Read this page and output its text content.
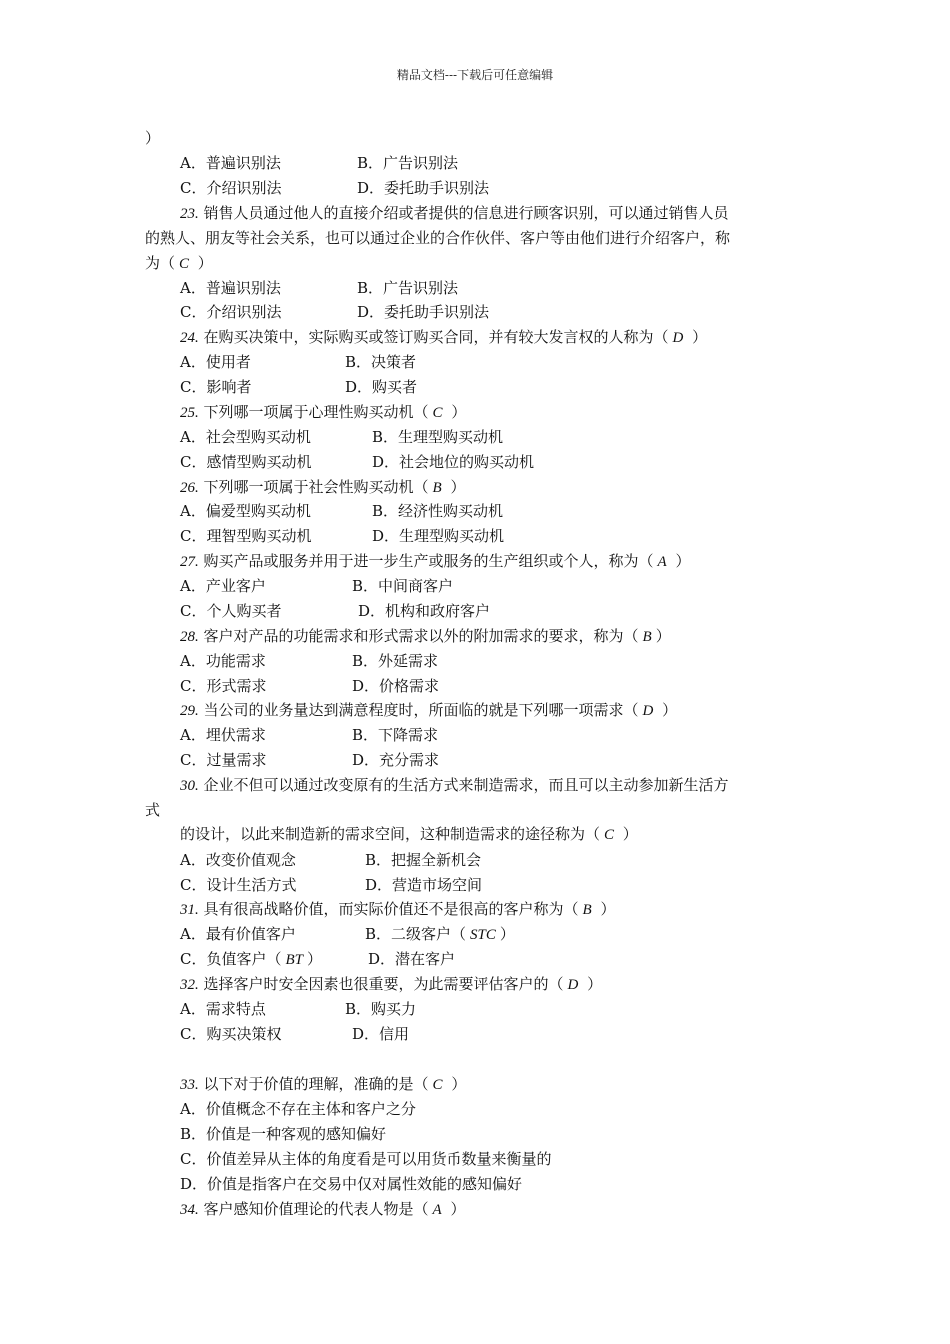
精品文档---下载后可任意编辑
）
A．普遍识别法	B．广告识别法
C．介绍识别法	D．委托助手识别法
23. 销售人员通过他人的直接介绍或者提供的信息进行顾客识别，可以通过销售人员
的熟人、朋友等社会关系，也可以通过企业的合作伙伴、客户等由他们进行介绍客户，称
为（ C ）
A．普遍识别法	B．广告识别法
C．介绍识别法	D．委托助手识别法
24. 在购买决策中，实际购买或签订购买合同，并有较大发言权的人称为（ D ）
A．使用者	B．决策者
C．影响者	D．购买者
25. 下列哪一项属于心理性购买动机（ C ）
A．社会型购买动机	B．生理型购买动机
C．感情型购买动机	D．社会地位的购买动机
26. 下列哪一项属于社会性购买动机（ B ）
A．偏爱型购买动机	B．经济性购买动机
C．理智型购买动机	D．生理型购买动机
27. 购买产品或服务并用于进一步生产或服务的生产组织或个人，称为（ A ）
A．产业客户	B．中间商客户
C．个人购买者	D．机构和政府客户
28. 客户对产品的功能需求和形式需求以外的附加需求的要求，称为（ B ）
A．功能需求	B．外延需求
C．形式需求	D．价格需求
29. 当公司的业务量达到满意程度时，所面临的就是下列哪一项需求（ D ）
A．埋伏需求	B．下降需求
C．过量需求	D．充分需求
30. 企业不但可以通过改变原有的生活方式来制造需求，而且可以主动参加新生活方
式
的设计，以此来制造新的需求空间，这种制造需求的途径称为（ C ）
A．改变价值观念	B．把握全新机会
C．设计生活方式	D．营造市场空间
31. 具有很高战略价值，而实际价值还不是很高的客户称为（ B ）
A．最有价值客户	B．二级客户（ STC ）
C．负值客户（ BT ）	D．潜在客户
32. 选择客户时安全因素也很重要，为此需要评估客户的（ D ）
A．需求特点	B．购买力
C．购买决策权	D．信用
33. 以下对于价值的理解，准确的是（ C ）
A．价值概念不存在主体和客户之分
B．价值是一种客观的感知偏好
C．价值差异从主体的角度看是可以用货币数量来衡量的
D．价值是指客户在交易中仅对属性效能的感知偏好
34. 客户感知价值理论的代表人物是（ A ）
